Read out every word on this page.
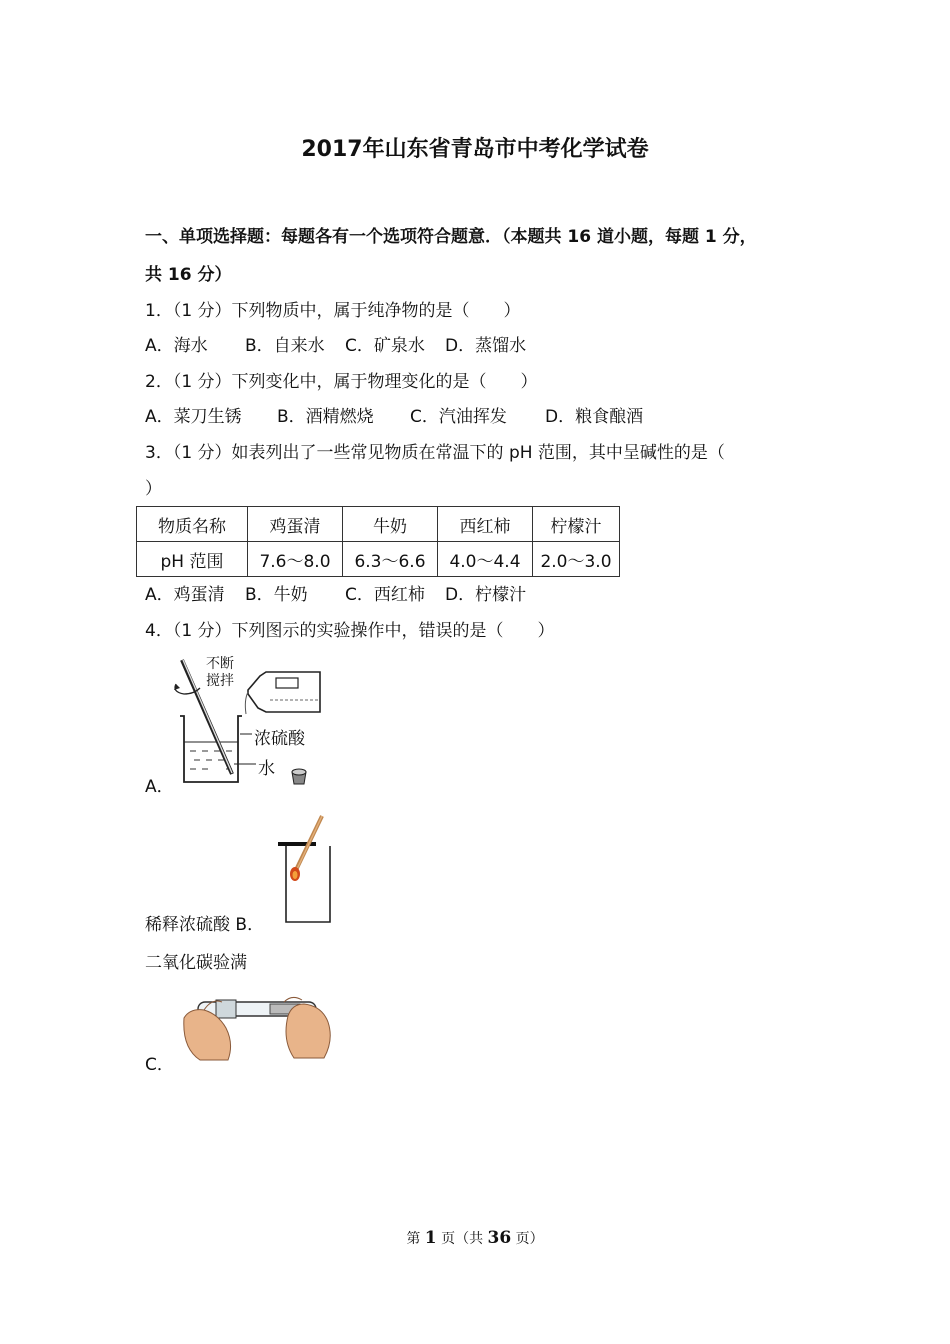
2017年山东省青岛市中考化学试卷
一、单项选择题：每题各有一个选项符合题意．（本题共 16 道小题，每题 1 分，
共 16 分）
1．（1 分）下列物质中，属于纯净物的是（　　）
A．海水 B．自来水 C．矿泉水 D．蒸馏水
2．（1 分）下列变化中，属于物理变化的是（　　）
A．菜刀生锈 B．酒精燃烧 C．汽油挥发 D．粮食酿酒
3．（1 分）如表列出了一些常见物质在常温下的 pH 范围，其中呈碱性的是（
）
物质名称	鸡蛋清	牛奶	西红柿	柠檬汁
pH 范围	7.6～8.0	6.3～6.6	4.0～4.4	2.0～3.0
A．鸡蛋清 B．牛奶 C．西红柿 D．柠檬汁
4．（1 分）下列图示的实验操作中，错误的是（　　）
不断搅拌
浓硫酸
水
A．
稀释浓硫酸 B．
二氧化碳验满
C．
第 1 页（共 36 页）
